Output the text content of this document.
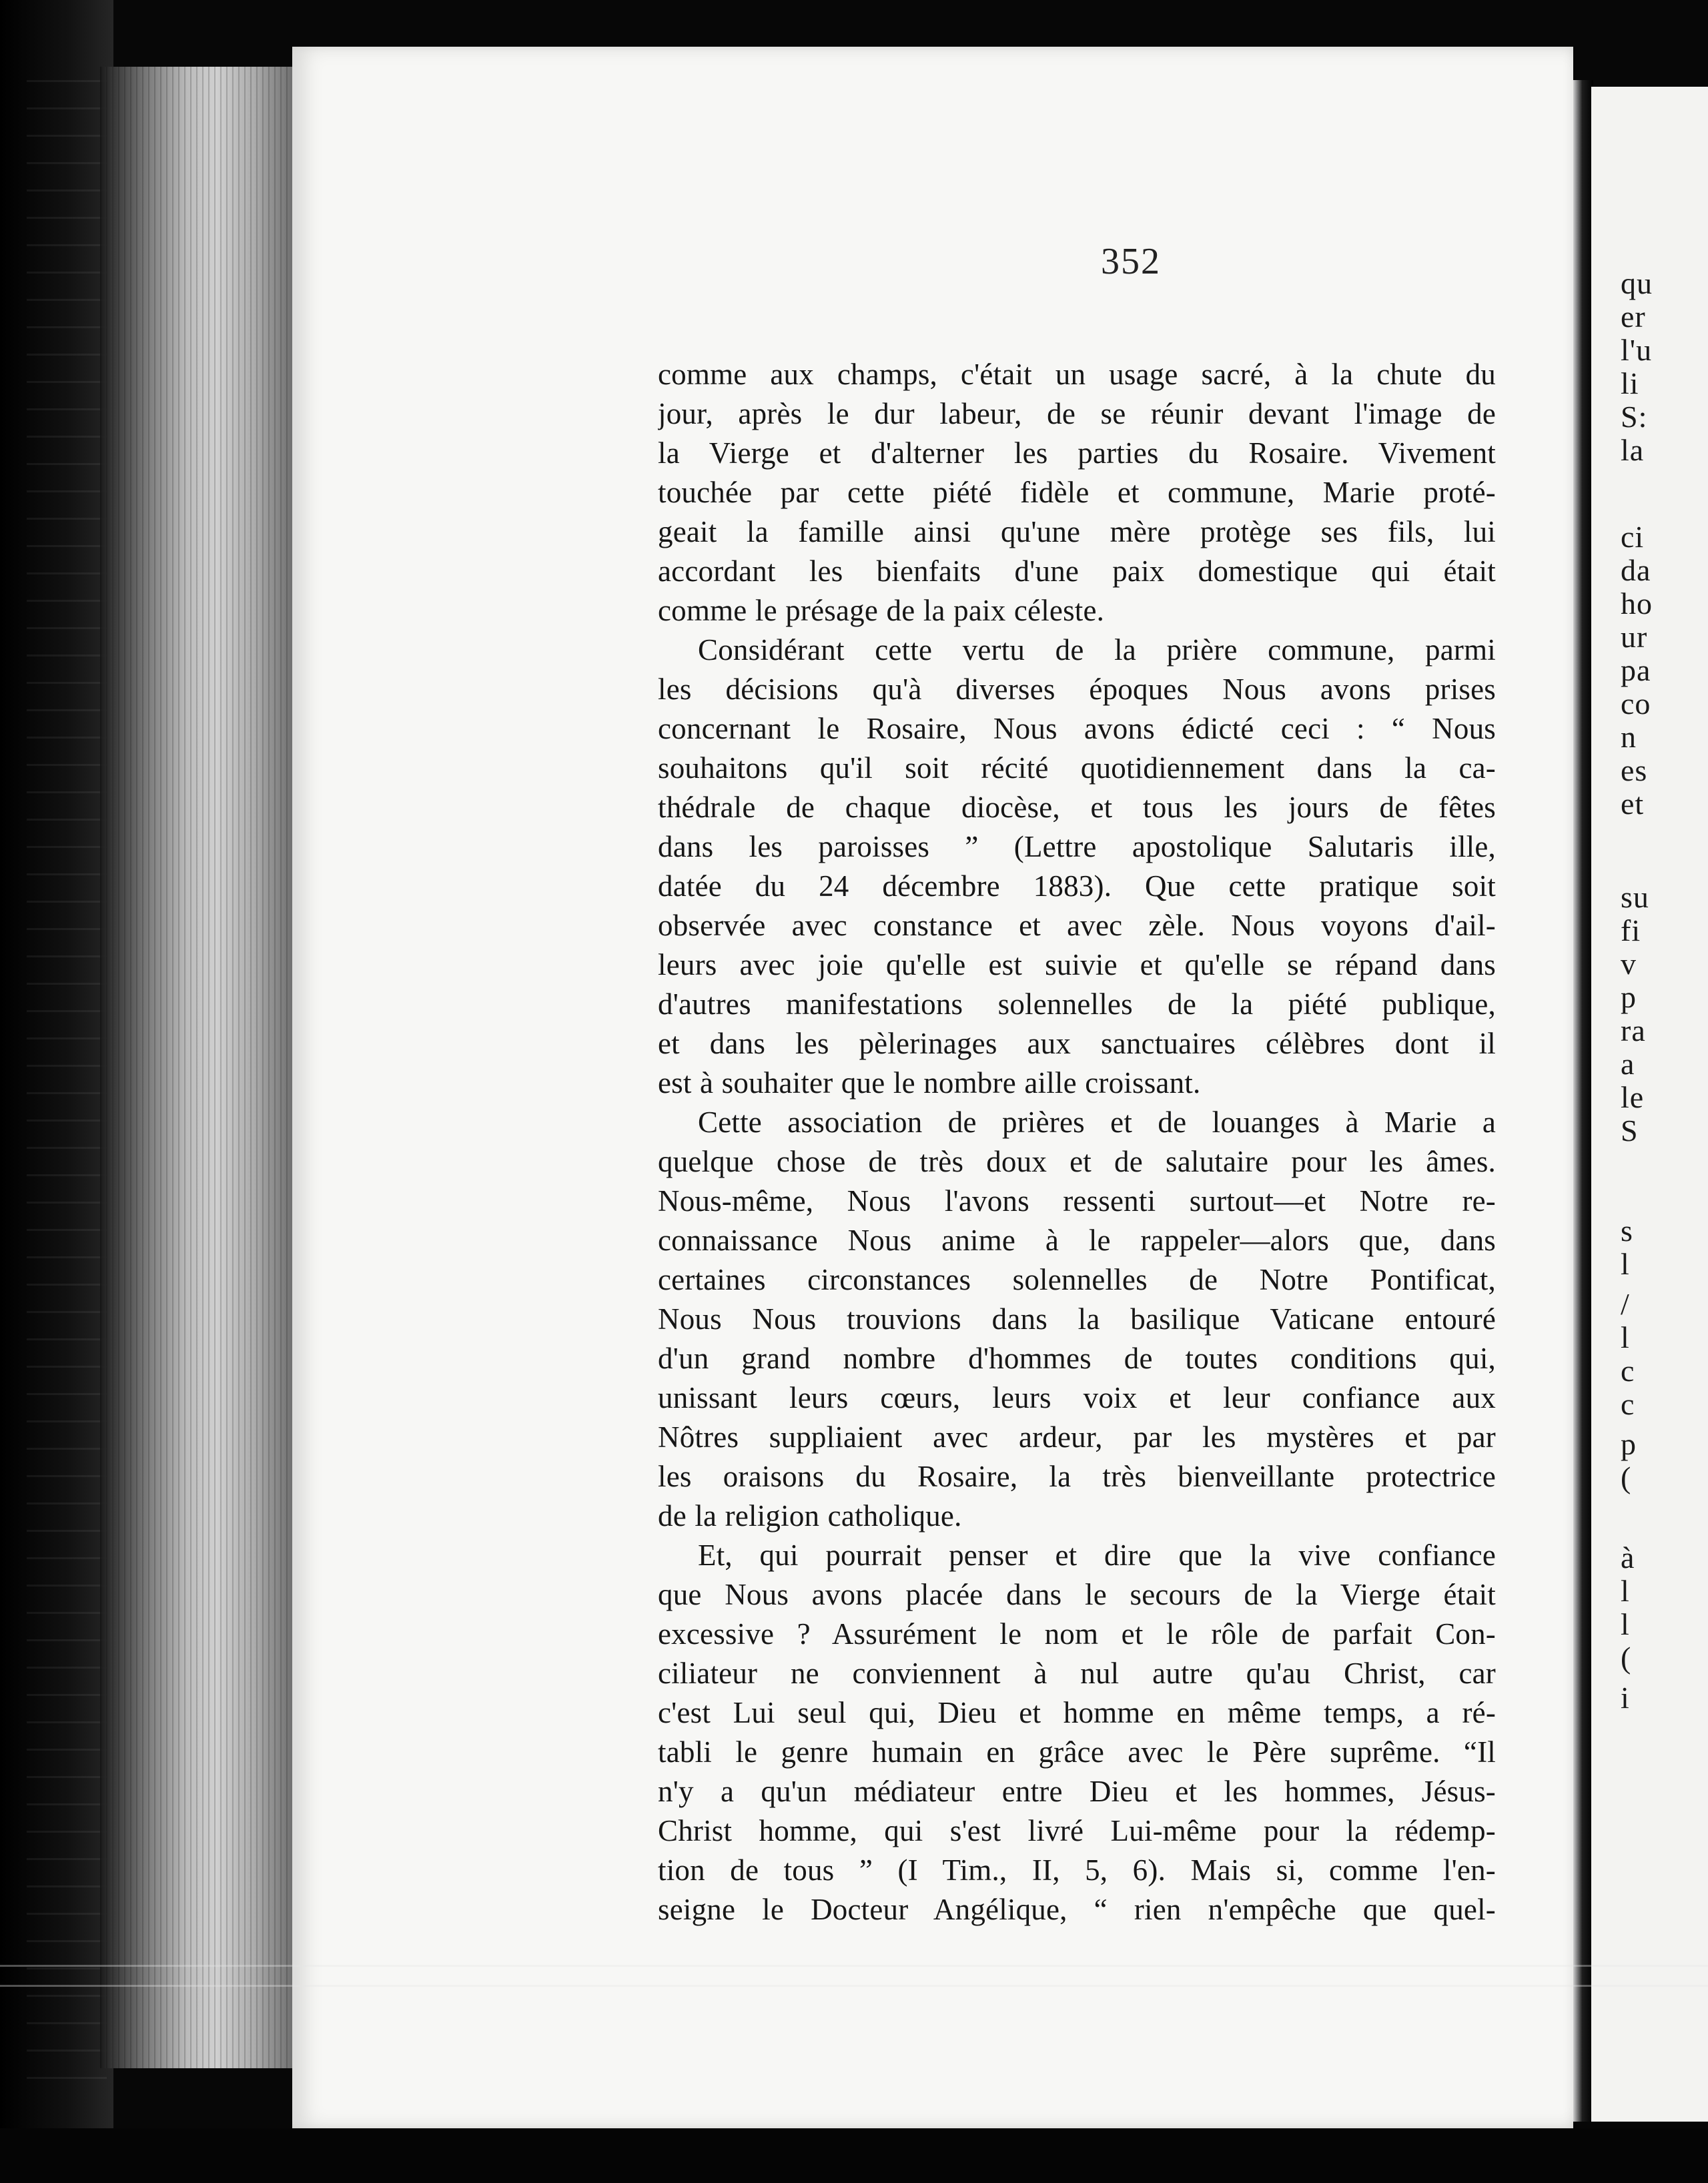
qu
er
l'u
li
S:
la
ci
da
ho
ur
pa
co
n
es
et
su
fi
v
p
ra
a
le
S
s
l
/
l
c
c
p
(
à
l
l
(
i
352
comme aux champs, c'était un usage sacré, à la chute du
jour, après le dur labeur, de se réunir devant l'image de
la Vierge et d'alterner les parties du Rosaire. Vivement
touchée par cette piété fidèle et commune, Marie proté-
geait la famille ainsi qu'une mère protège ses fils, lui
accordant les bienfaits d'une paix domestique qui était
comme le présage de la paix céleste.
Considérant cette vertu de la prière commune, parmi
les décisions qu'à diverses époques Nous avons prises
concernant le Rosaire, Nous avons édicté ceci : “ Nous
souhaitons qu'il soit récité quotidiennement dans la ca-
thédrale de chaque diocèse, et tous les jours de fêtes
dans les paroisses ” (Lettre apostolique Salutaris ille,
datée du 24 décembre 1883). Que cette pratique soit
observée avec constance et avec zèle. Nous voyons d'ail-
leurs avec joie qu'elle est suivie et qu'elle se répand dans
d'autres manifestations solennelles de la piété publique,
et dans les pèlerinages aux sanctuaires célèbres dont il
est à souhaiter que le nombre aille croissant.
Cette association de prières et de louanges à Marie a
quelque chose de très doux et de salutaire pour les âmes.
Nous-même, Nous l'avons ressenti surtout—et Notre re-
connaissance Nous anime à le rappeler—alors que, dans
certaines circonstances solennelles de Notre Pontificat,
Nous Nous trouvions dans la basilique Vaticane entouré
d'un grand nombre d'hommes de toutes conditions qui,
unissant leurs cœurs, leurs voix et leur confiance aux
Nôtres suppliaient avec ardeur, par les mystères et par
les oraisons du Rosaire, la très bienveillante protectrice
de la religion catholique.
Et, qui pourrait penser et dire que la vive confiance
que Nous avons placée dans le secours de la Vierge était
excessive ? Assurément le nom et le rôle de parfait Con-
ciliateur ne conviennent à nul autre qu'au Christ, car
c'est Lui seul qui, Dieu et homme en même temps, a ré-
tabli le genre humain en grâce avec le Père suprême. “Il
n'y a qu'un médiateur entre Dieu et les hommes, Jésus-
Christ homme, qui s'est livré Lui-même pour la rédemp-
tion de tous ” (I Tim., II, 5, 6). Mais si, comme l'en-
seigne le Docteur Angélique, “ rien n'empêche que quel-
